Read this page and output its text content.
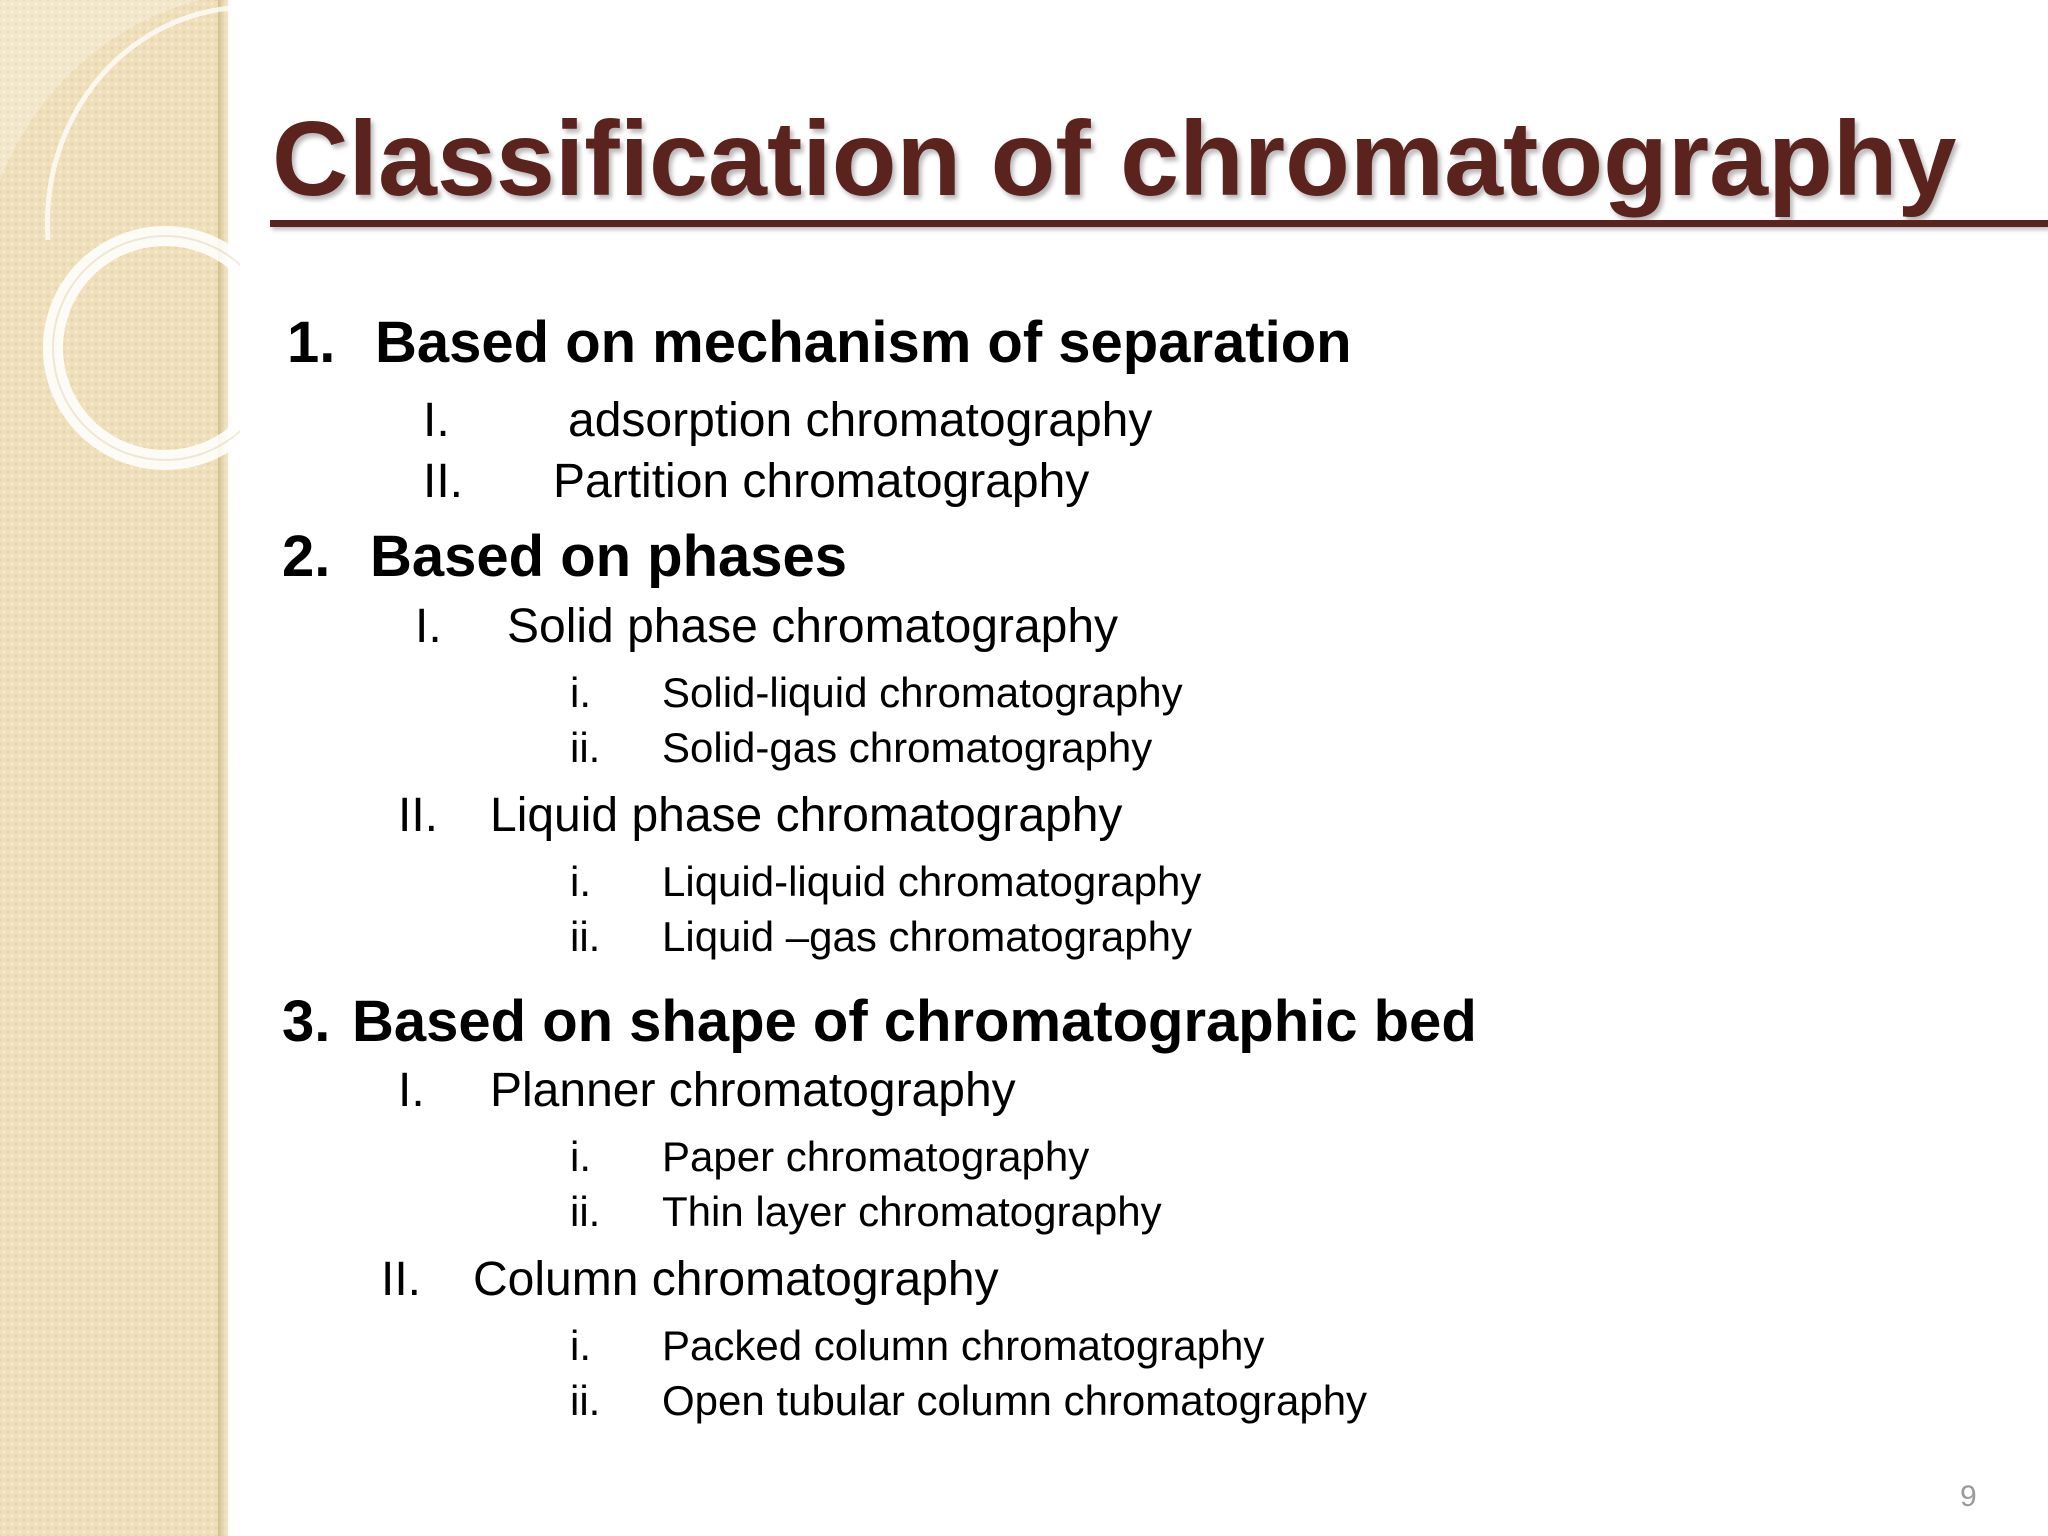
Classification of chromatography
1. Based on mechanism of separation
I. adsorption chromatography
II. Partition chromatography
2. Based on phases
I. Solid phase chromatography
i. Solid-liquid chromatography
ii. Solid-gas chromatography
II. Liquid phase chromatography
i. Liquid-liquid chromatography
ii. Liquid –gas chromatography
3. Based on shape of chromatographic bed
I. Planner chromatography
i. Paper chromatography
ii. Thin layer chromatography
II. Column chromatography
i. Packed column chromatography
ii. Open tubular column chromatography
9
